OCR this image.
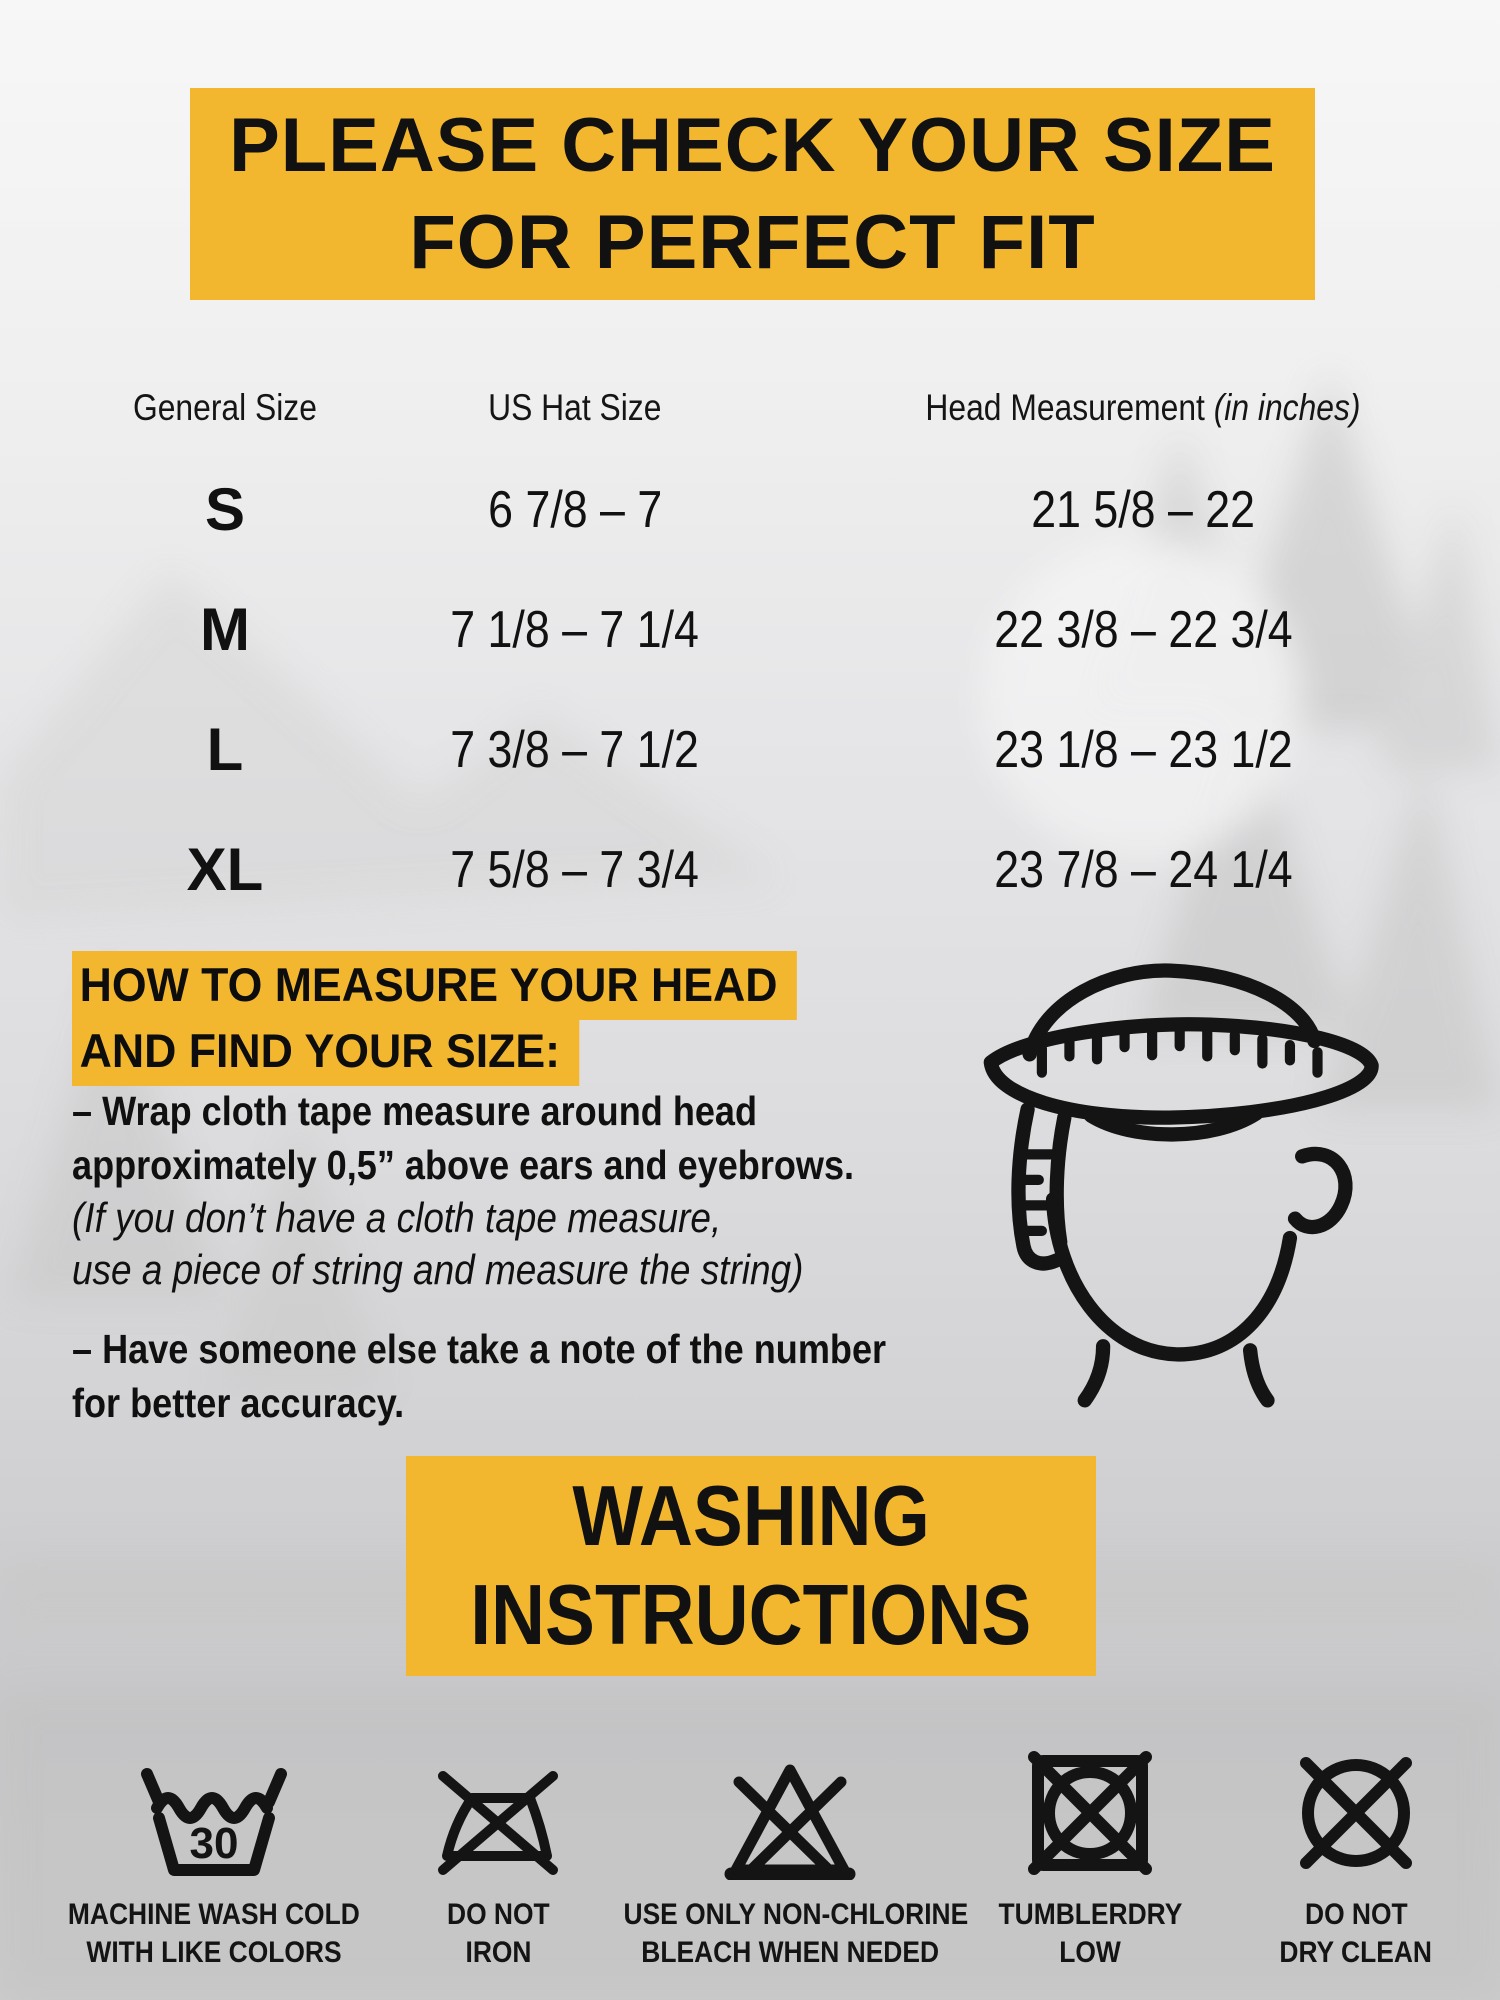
PLEASE CHECK YOUR SIZE
FOR PERFECT FIT
General Size	US Hat Size	Head Measurement (in inches)
S	6 7/8 – 7	21 5/8 – 22
M	7 1/8 – 7 1/4	22 3/8 – 22 3/4
L	7 3/8 – 7 1/2	23 1/8 – 23 1/2
XL	7 5/8 – 7 3/4	23 7/8 – 24 1/4
HOW TO MEASURE YOUR HEAD
AND FIND YOUR SIZE:
– Wrap cloth tape measure around head
approximately 0,5” above ears and eyebrows.
(If you don’t have a cloth tape measure,
use a piece of string and measure the string)
– Have someone else take a note of the number
for better accuracy.
WASHING
INSTRUCTIONS
30
MACHINE WASH COLD
WITH LIKE COLORS
DO NOT
IRON
USE ONLY NON-CHLORINE
BLEACH WHEN NEDED
TUMBLERDRY
LOW
DO NOT
DRY CLEAN
